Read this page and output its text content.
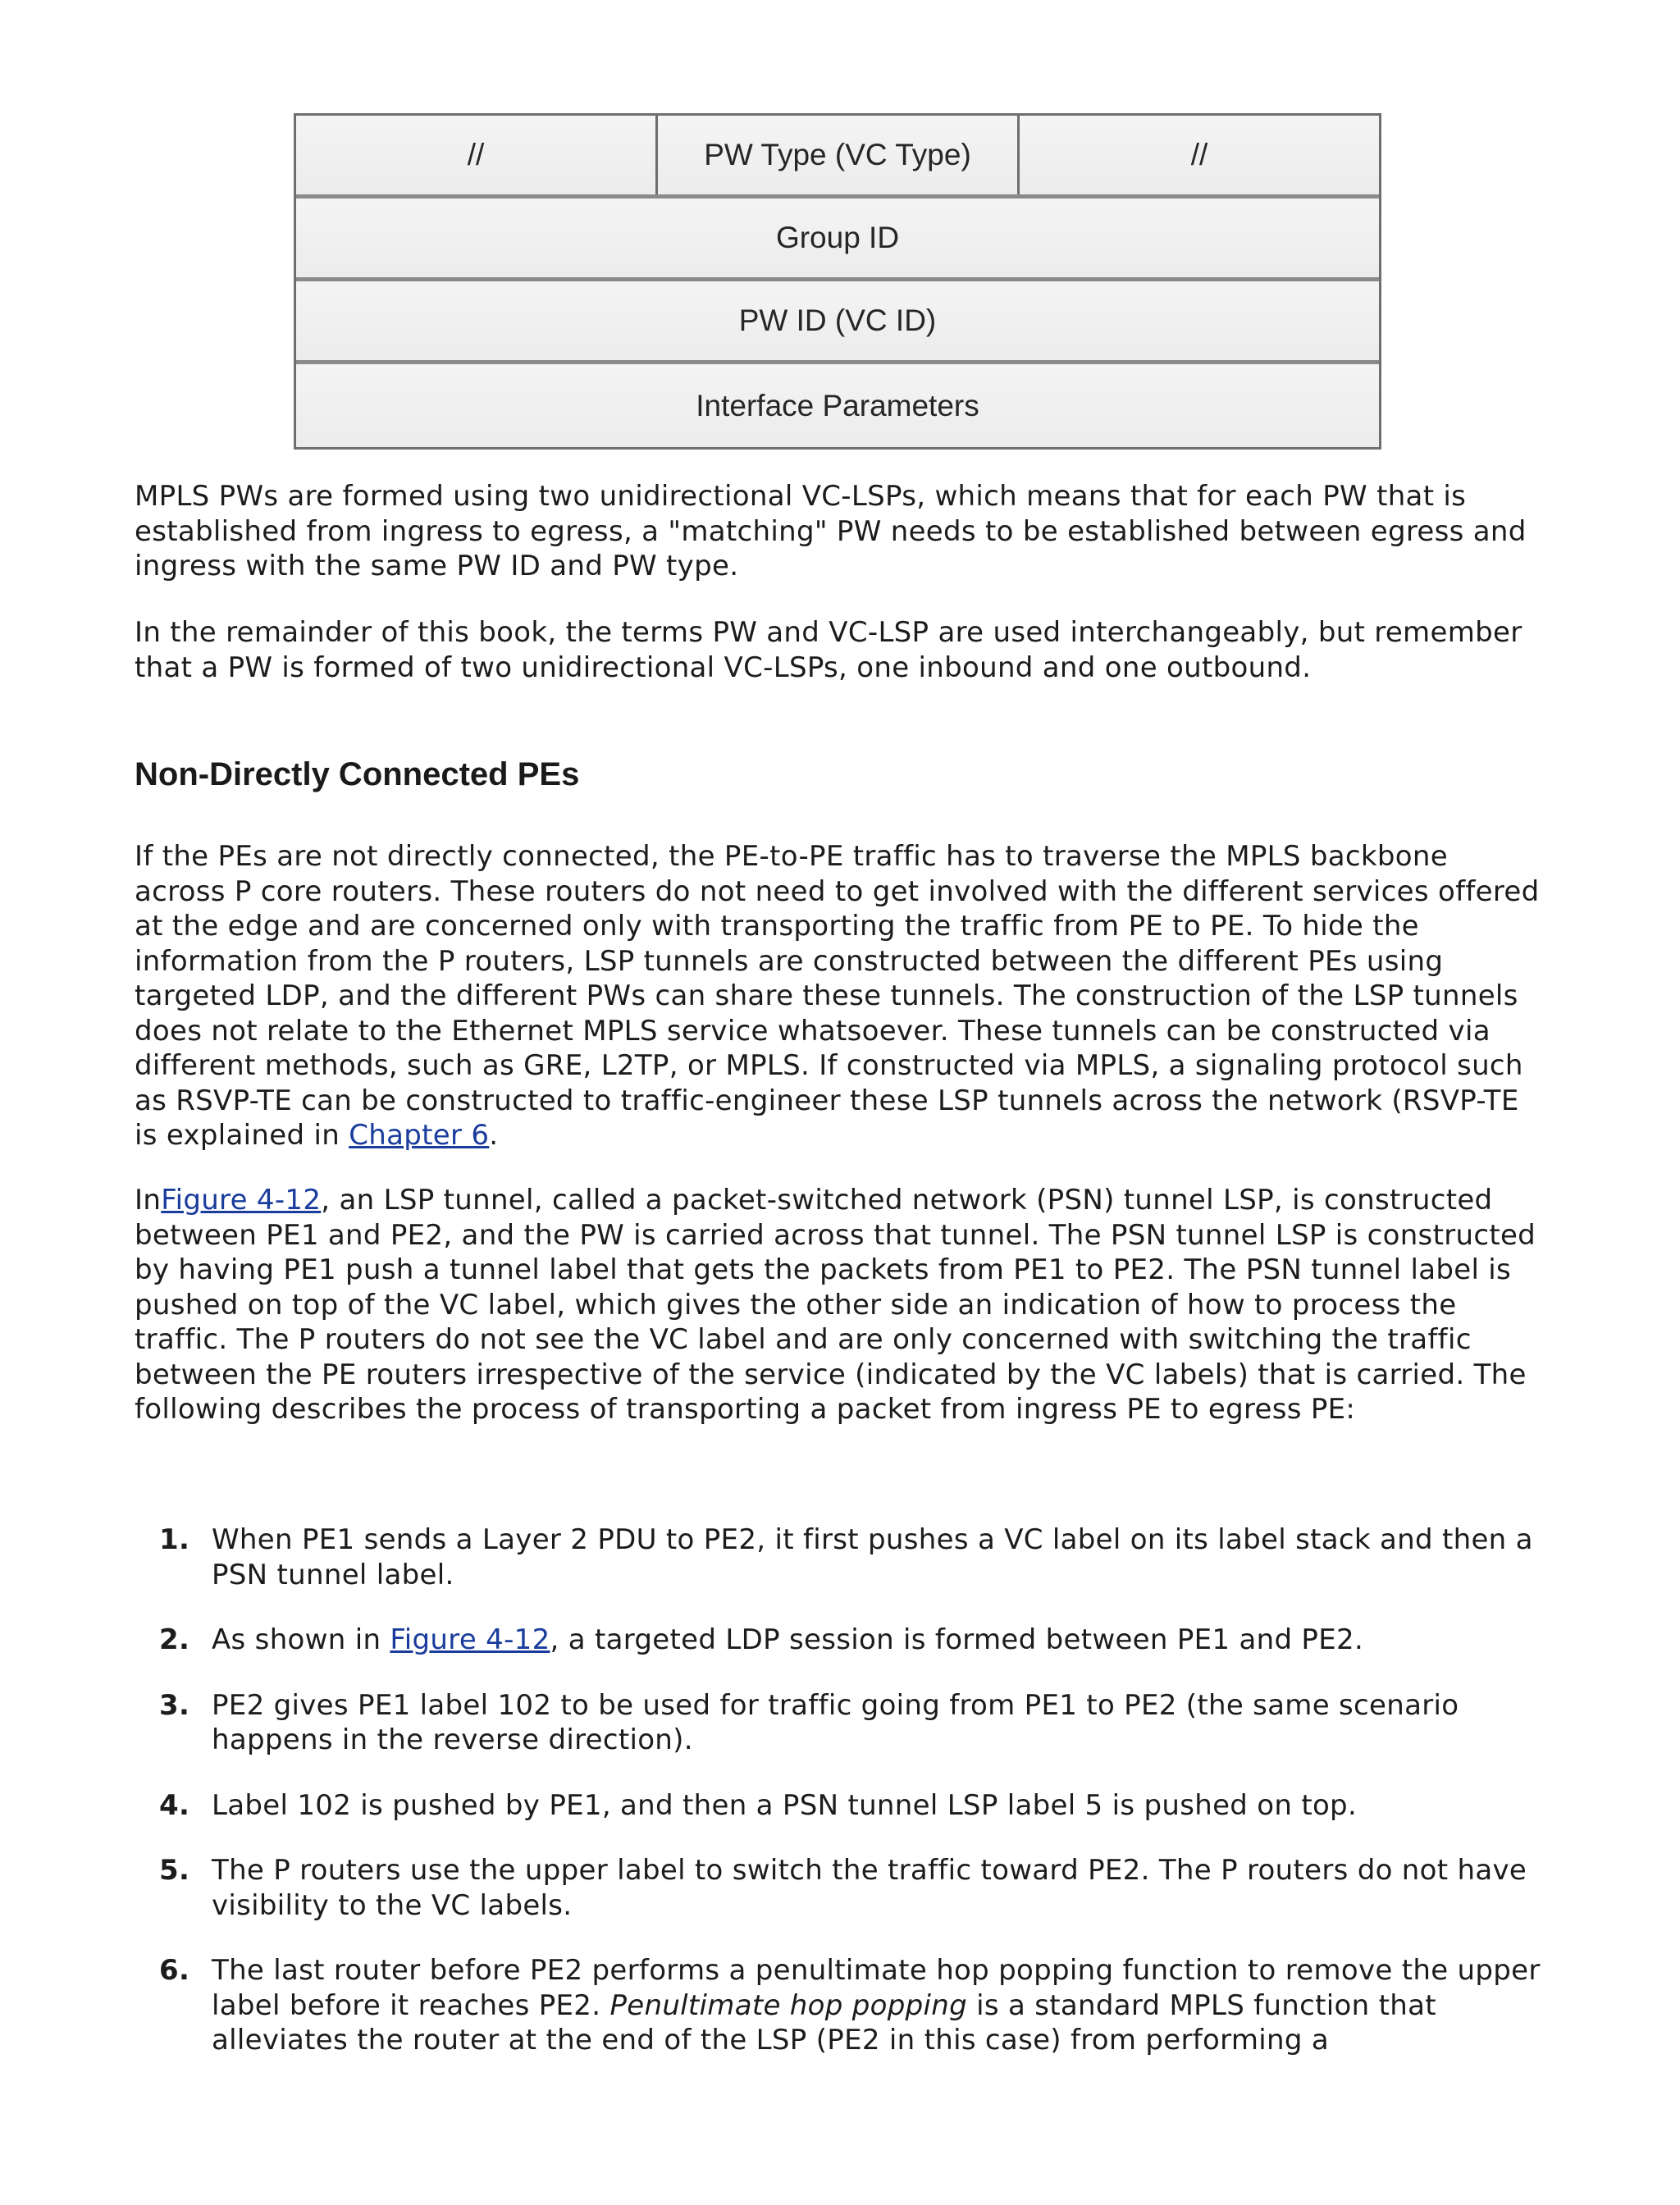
//	PW Type (VC Type)	//
Group ID
PW ID (VC ID)
Interface Parameters

MPLS PWs are formed using two unidirectional VC-LSPs, which means that for each PW that is established from ingress to egress, a "matching" PW needs to be established between egress and ingress with the same PW ID and PW type.

In the remainder of this book, the terms PW and VC-LSP are used interchangeably, but remember that a PW is formed of two unidirectional VC-LSPs, one inbound and one outbound.

Non-Directly Connected PEs

If the PEs are not directly connected, the PE-to-PE traffic has to traverse the MPLS backbone across P core routers. These routers do not need to get involved with the different services offered at the edge and are concerned only with transporting the traffic from PE to PE. To hide the information from the P routers, LSP tunnels are constructed between the different PEs using targeted LDP, and the different PWs can share these tunnels. The construction of the LSP tunnels does not relate to the Ethernet MPLS service whatsoever. These tunnels can be constructed via different methods, such as GRE, L2TP, or MPLS. If constructed via MPLS, a signaling protocol such as RSVP-TE can be constructed to traffic-engineer these LSP tunnels across the network (RSVP-TE is explained in Chapter 6.

InFigure 4-12, an LSP tunnel, called a packet-switched network (PSN) tunnel LSP, is constructed between PE1 and PE2, and the PW is carried across that tunnel. The PSN tunnel LSP is constructed by having PE1 push a tunnel label that gets the packets from PE1 to PE2. The PSN tunnel label is pushed on top of the VC label, which gives the other side an indication of how to process the traffic. The P routers do not see the VC label and are only concerned with switching the traffic between the PE routers irrespective of the service (indicated by the VC labels) that is carried. The following describes the process of transporting a packet from ingress PE to egress PE:

1. When PE1 sends a Layer 2 PDU to PE2, it first pushes a VC label on its label stack and then a PSN tunnel label.
2. As shown in Figure 4-12, a targeted LDP session is formed between PE1 and PE2.
3. PE2 gives PE1 label 102 to be used for traffic going from PE1 to PE2 (the same scenario happens in the reverse direction).
4. Label 102 is pushed by PE1, and then a PSN tunnel LSP label 5 is pushed on top.
5. The P routers use the upper label to switch the traffic toward PE2. The P routers do not have visibility to the VC labels.
6. The last router before PE2 performs a penultimate hop popping function to remove the upper label before it reaches PE2. Penultimate hop popping is a standard MPLS function that alleviates the router at the end of the LSP (PE2 in this case) from performing a
